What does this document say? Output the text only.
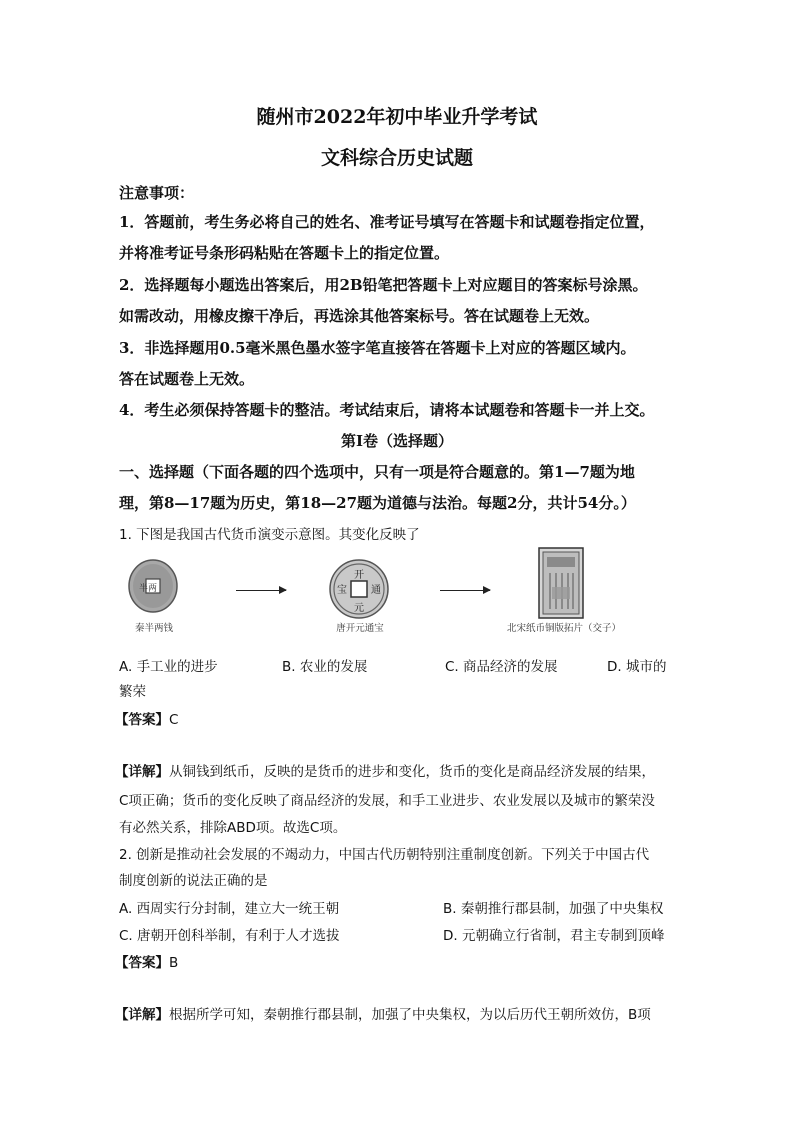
随州市2022年初中毕业升学考试
文科综合历史试题
注意事项：
1．答题前，考生务必将自己的姓名、准考证号填写在答题卡和试题卷指定位置，
并将准考证号条形码粘贴在答题卡上的指定位置。
2．选择题每小题选出答案后，用2B铅笔把答题卡上对应题目的答案标号涂黑。
如需改动，用橡皮擦干净后，再选涂其他答案标号。答在试题卷上无效。
3．非选择题用0.5毫米黑色墨水签字笔直接答在答题卡上对应的答题区域内。
答在试题卷上无效。
4．考生必须保持答题卡的整洁。考试结束后，请将本试题卷和答题卡一并上交。
第Ⅰ卷（选择题）
一、选择题（下面各题的四个选项中，只有一项是符合题意的。第1—7题为地
理，第8—17题为历史，第18—27题为道德与法治。每题2分，共计54分。）
1. 下图是我国古代货币演变示意图。其变化反映了
半两
秦半两钱
开
元
通
宝
唐开元通宝	北宋纸币铜版拓片（交子）
A. 手工业的进步	B. 农业的发展	C. 商品经济的发展	D. 城市的
繁荣
【答案】C
【详解】从铜钱到纸币，反映的是货币的进步和变化，货币的变化是商品经济发展的结果，
C项正确；货币的变化反映了商品经济的发展，和手工业进步、农业发展以及城市的繁荣没
有必然关系，排除ABD项。故选C项。
2. 创新是推动社会发展的不竭动力，中国古代历朝特别注重制度创新。下列关于中国古代
制度创新的说法正确的是
A. 西周实行分封制，建立大一统王朝	B. 秦朝推行郡县制，加强了中央集权
C. 唐朝开创科举制，有利于人才选拔	D. 元朝确立行省制，君主专制到顶峰
【答案】B
【详解】根据所学可知，秦朝推行郡县制，加强了中央集权，为以后历代王朝所效仿，B项
